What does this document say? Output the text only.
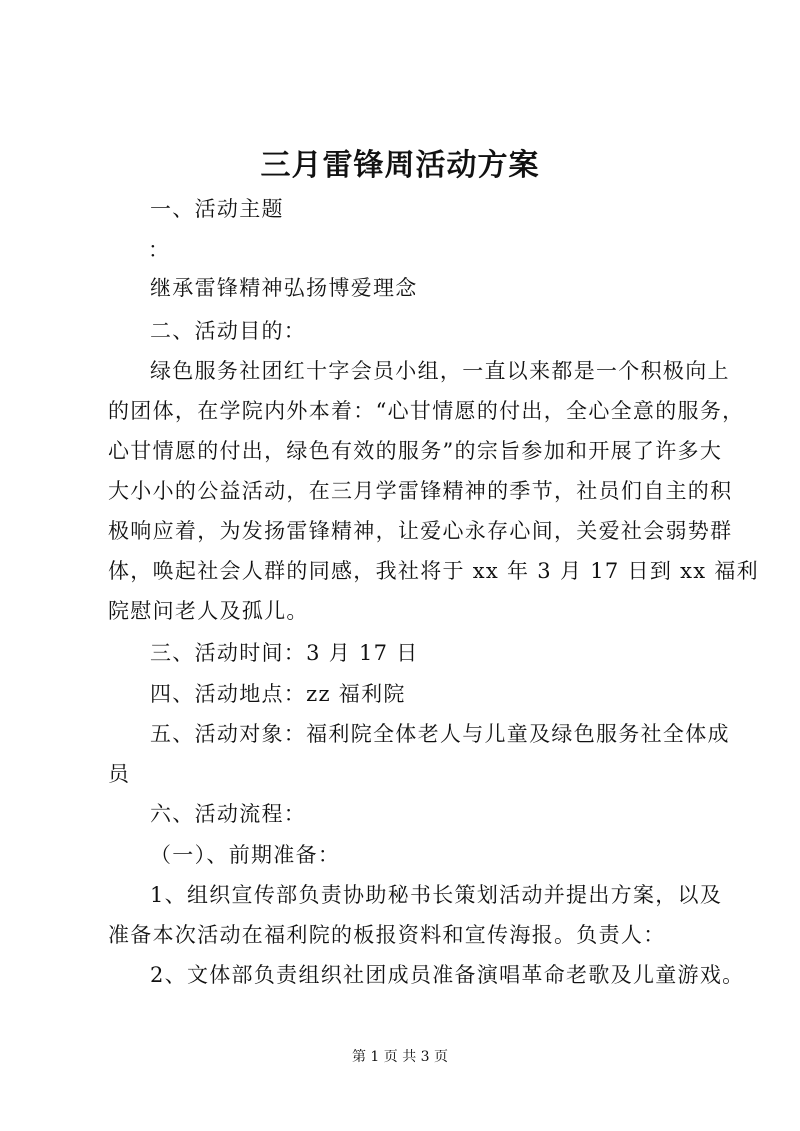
三月雷锋周活动方案
一、活动主题
：
继承雷锋精神弘扬博爱理念
二、活动目的：
绿色服务社团红十字会员小组，一直以来都是一个积极向上
的团体，在学院内外本着：“心甘情愿的付出，全心全意的服务，
心甘情愿的付出，绿色有效的服务”的宗旨参加和开展了许多大
大小小的公益活动，在三月学雷锋精神的季节，社员们自主的积
极响应着，为发扬雷锋精神，让爱心永存心间，关爱社会弱势群
体，唤起社会人群的同感，我社将于 xx 年 3 月 17 日到 xx 福利
院慰问老人及孤儿。
三、活动时间：3 月 17 日
四、活动地点：zz 福利院
五、活动对象：福利院全体老人与儿童及绿色服务社全体成
员
六、活动流程：
（一）、前期准备：
1、组织宣传部负责协助秘书长策划活动并提出方案，以及
准备本次活动在福利院的板报资料和宣传海报。负责人：
2、文体部负责组织社团成员准备演唱革命老歌及儿童游戏。
第 1 页 共 3 页
